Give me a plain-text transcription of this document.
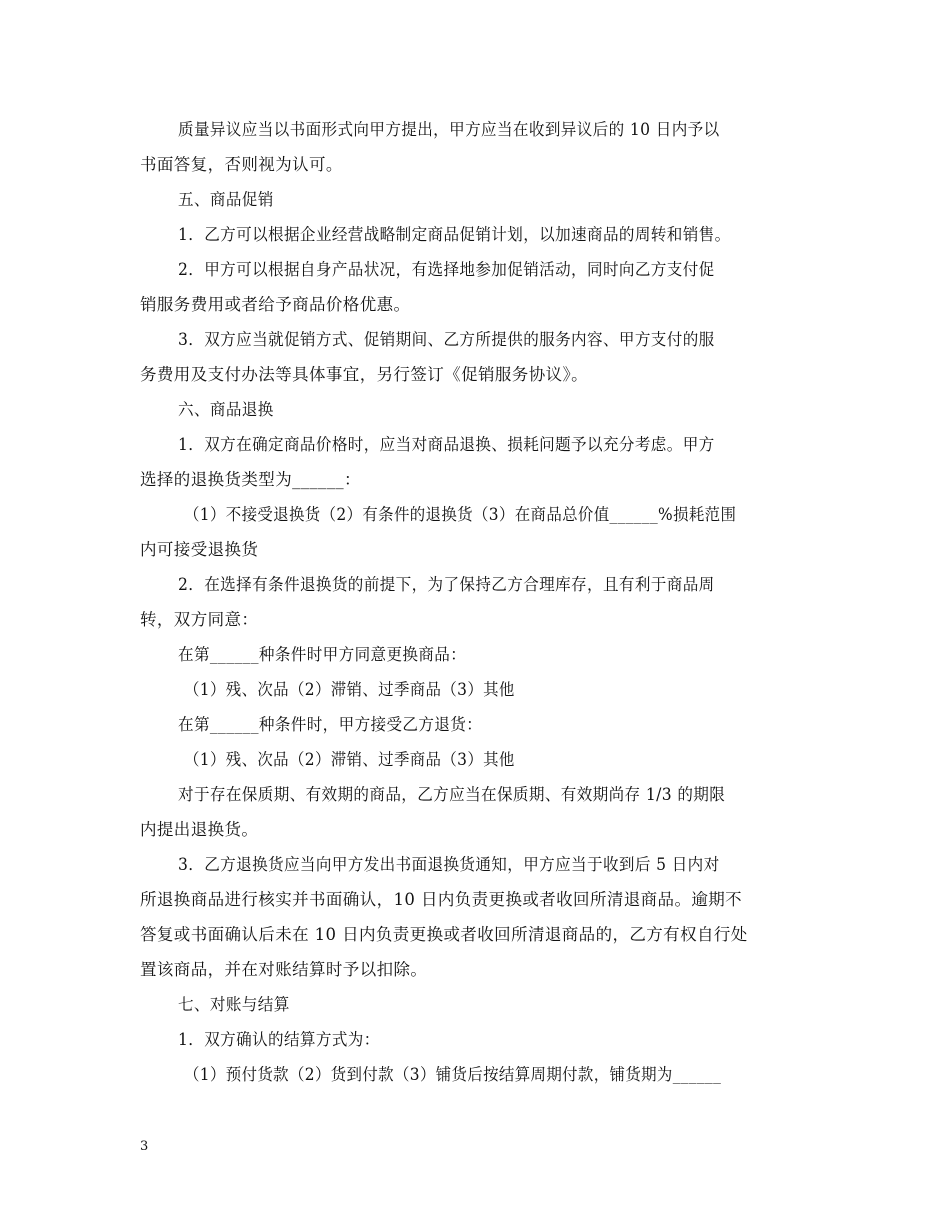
质量异议应当以书面形式向甲方提出，甲方应当在收到异议后的 10 日内予以
书面答复，否则视为认可。
五、商品促销
1．乙方可以根据企业经营战略制定商品促销计划，以加速商品的周转和销售。
2．甲方可以根据自身产品状况，有选择地参加促销活动，同时向乙方支付促
销服务费用或者给予商品价格优惠。
3．双方应当就促销方式、促销期间、乙方所提供的服务内容、甲方支付的服
务费用及支付办法等具体事宜，另行签订《促销服务协议》。
六、商品退换
1．双方在确定商品价格时，应当对商品退换、损耗问题予以充分考虑。甲方
选择的退换货类型为______：
（1）不接受退换货（2）有条件的退换货（3）在商品总价值______%损耗范围
内可接受退换货
2．在选择有条件退换货的前提下，为了保持乙方合理库存，且有利于商品周
转，双方同意：
在第______种条件时甲方同意更换商品：
（1）残、次品（2）滞销、过季商品（3）其他
在第______种条件时，甲方接受乙方退货：
（1）残、次品（2）滞销、过季商品（3）其他
对于存在保质期、有效期的商品，乙方应当在保质期、有效期尚存 1/3 的期限
内提出退换货。
3．乙方退换货应当向甲方发出书面退换货通知，甲方应当于收到后 5 日内对
所退换商品进行核实并书面确认，10 日内负责更换或者收回所清退商品。逾期不
答复或书面确认后未在 10 日内负责更换或者收回所清退商品的，乙方有权自行处
置该商品，并在对账结算时予以扣除。
七、对账与结算
1．双方确认的结算方式为：
（1）预付货款（2）货到付款（3）铺货后按结算周期付款，铺货期为______
3
